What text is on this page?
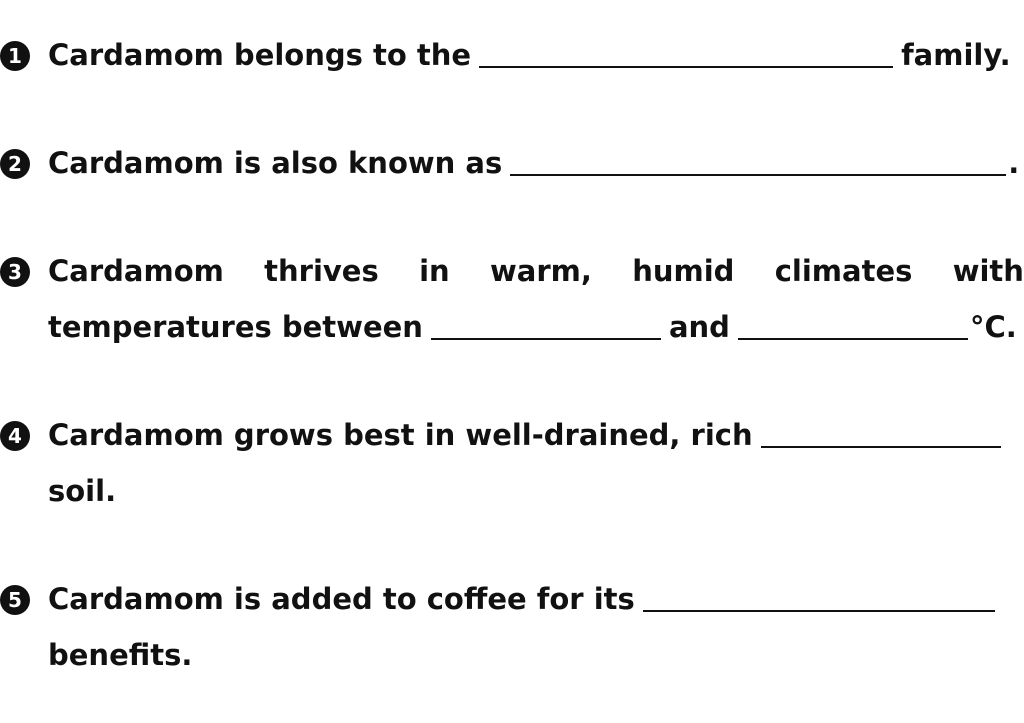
1 Cardamom belongs to the	family.
2 Cardamom is also known as	.
3 Cardamom thrives in warm, humid climates with
temperatures between	and	°C.
4 Cardamom grows best in well-drained, rich
soil.
5 Cardamom is added to coffee for its
benefits.
